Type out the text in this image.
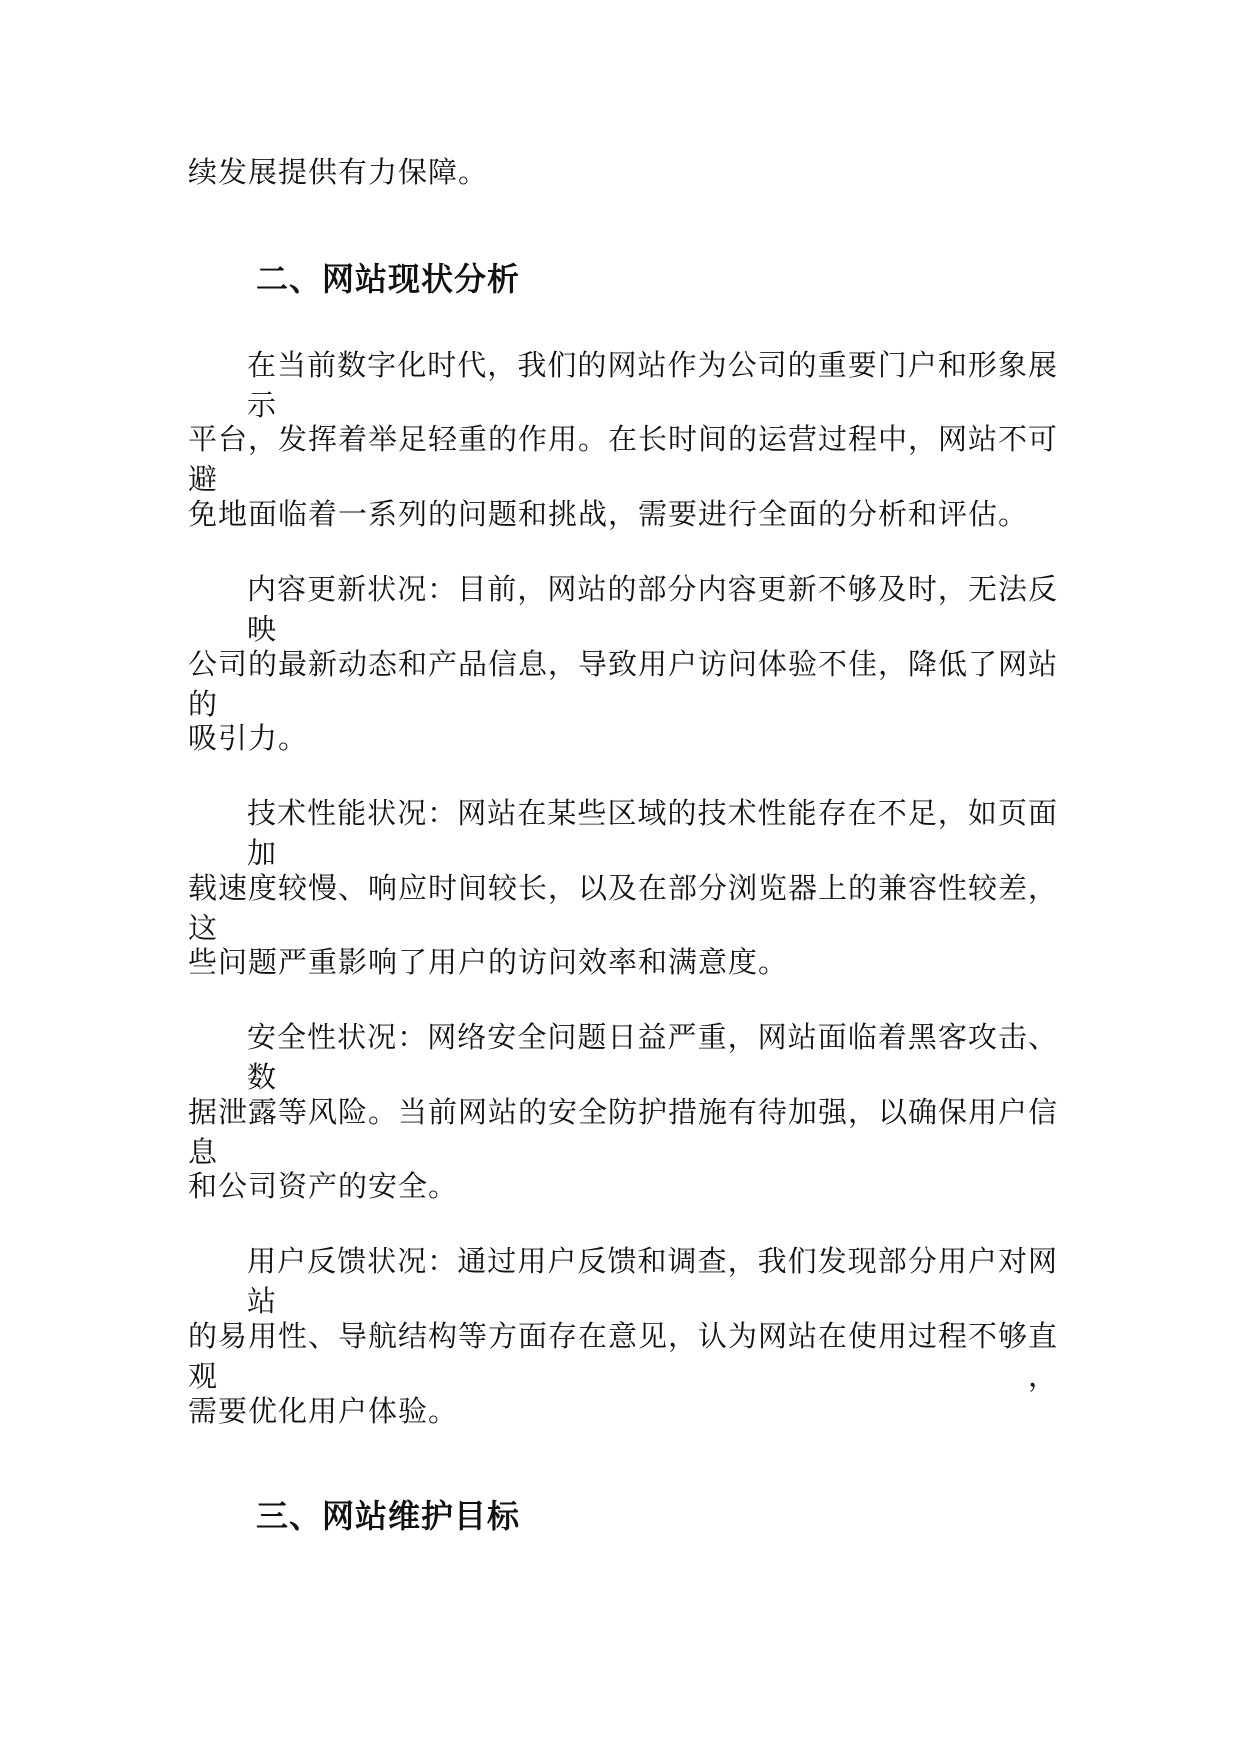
续发展提供有力保障。
二、网站现状分析
在当前数字化时代，我们的网站作为公司的重要门户和形象展示
平台，发挥着举足轻重的作用。在长时间的运营过程中，网站不可避
免地面临着一系列的问题和挑战，需要进行全面的分析和评估。
内容更新状况：目前，网站的部分内容更新不够及时，无法反映
公司的最新动态和产品信息，导致用户访问体验不佳，降低了网站的
吸引力。
技术性能状况：网站在某些区域的技术性能存在不足，如页面加
载速度较慢、响应时间较长，以及在部分浏览器上的兼容性较差，这
些问题严重影响了用户的访问效率和满意度。
安全性状况：网络安全问题日益严重，网站面临着黑客攻击、数
据泄露等风险。当前网站的安全防护措施有待加强，以确保用户信息
和公司资产的安全。
用户反馈状况：通过用户反馈和调查，我们发现部分用户对网站
的易用性、导航结构等方面存在意见，认为网站在使用过程不够直观，
需要优化用户体验。
三、网站维护目标
